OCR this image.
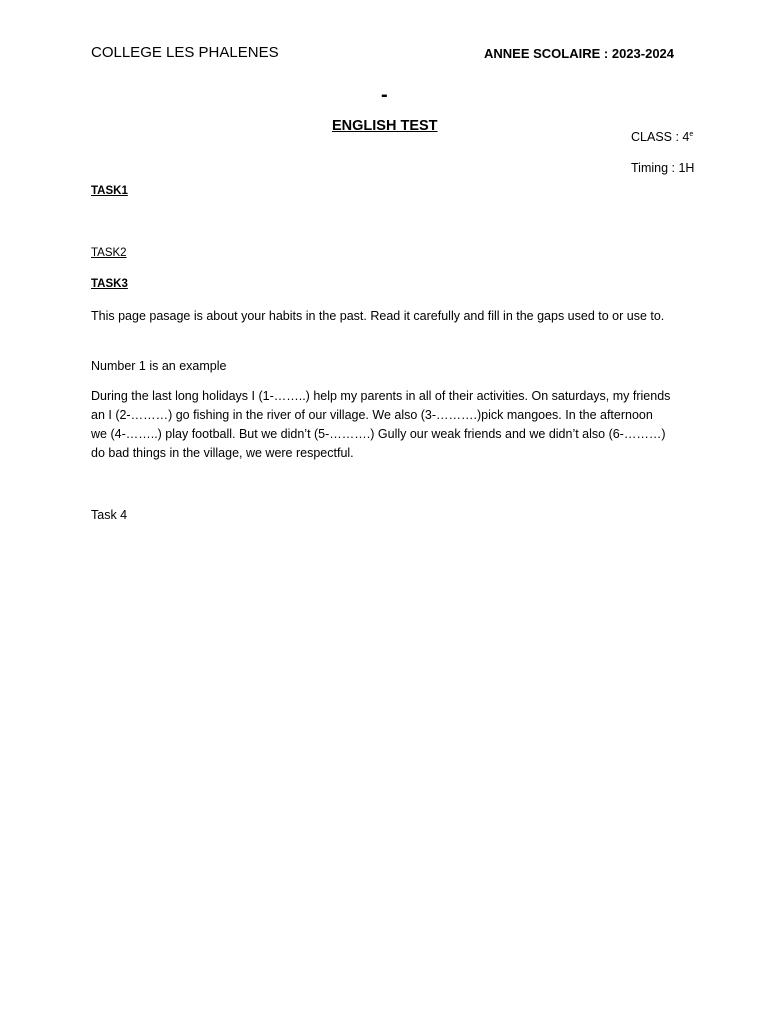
COLLEGE LES PHALENES	ANNEE SCOLAIRE : 2023-2024
-
ENGLISH TEST
CLASS : 4e
Timing : 1H
TASK1
TASK2
TASK3
This page pasage is about your habits in the past. Read it carefully and fill in the gaps used to or use to.
Number 1 is an example
During the last long holidays I (1-……..) help my parents in all of their activities. On saturdays, my friends an I (2-………) go fishing in the river of our village. We also (3-……….)pick mangoes. In the afternoon we (4-……..) play football. But we didn’t (5-……….) Gully our weak friends and we didn’t also (6-………) do bad things in the village, we were respectful.
Task 4
